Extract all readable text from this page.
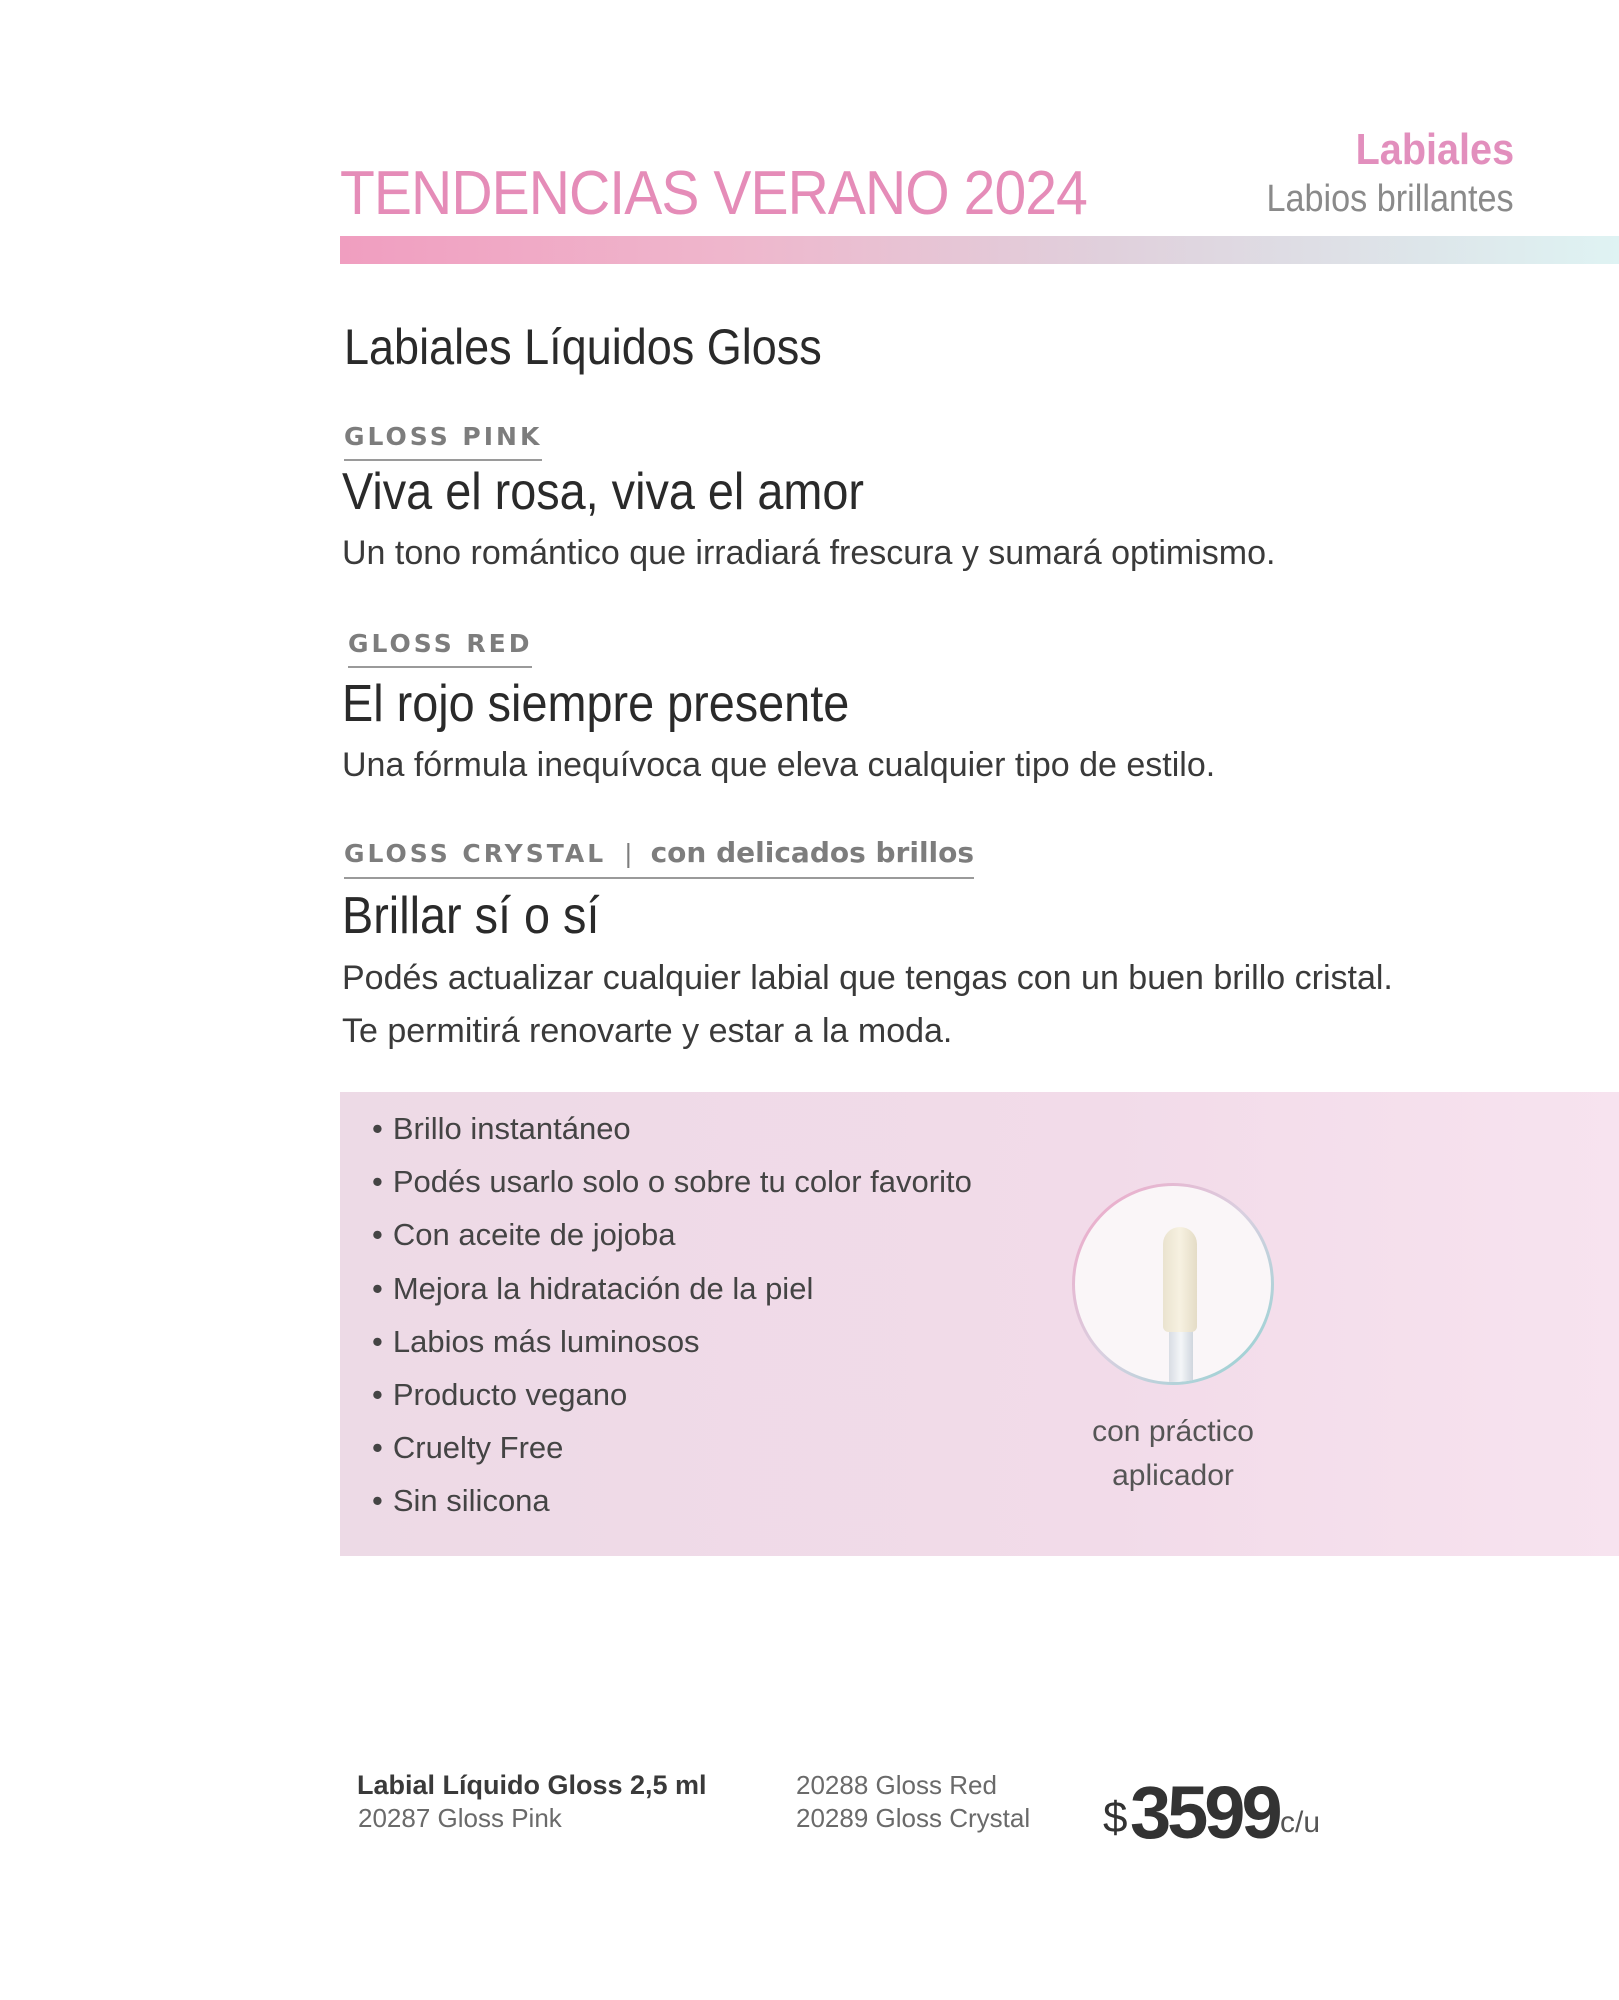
TENDENCIAS VERANO 2024
Labiales
Labios brillantes
Labiales Líquidos Gloss
GLOSS PINK
Viva el rosa, viva el amor
Un tono romántico que irradiará frescura y sumará optimismo.
GLOSS RED
El rojo siempre presente
Una fórmula inequívoca que eleva cualquier tipo de estilo.
GLOSS CRYSTAL | con delicados brillos
Brillar sí o sí
Podés actualizar cualquier labial que tengas con un buen brillo cristal.
Te permitirá renovarte y estar a la moda.
• Brillo instantáneo
• Podés usarlo solo o sobre tu color favorito
• Con aceite de jojoba
• Mejora la hidratación de la piel
• Labios más luminosos
• Producto vegano
• Cruelty Free
• Sin silicona
con práctico
aplicador
Labial Líquido Gloss 2,5 ml
20287 Gloss Pink
20288 Gloss Red
20289 Gloss Crystal $ 3599 c/u
